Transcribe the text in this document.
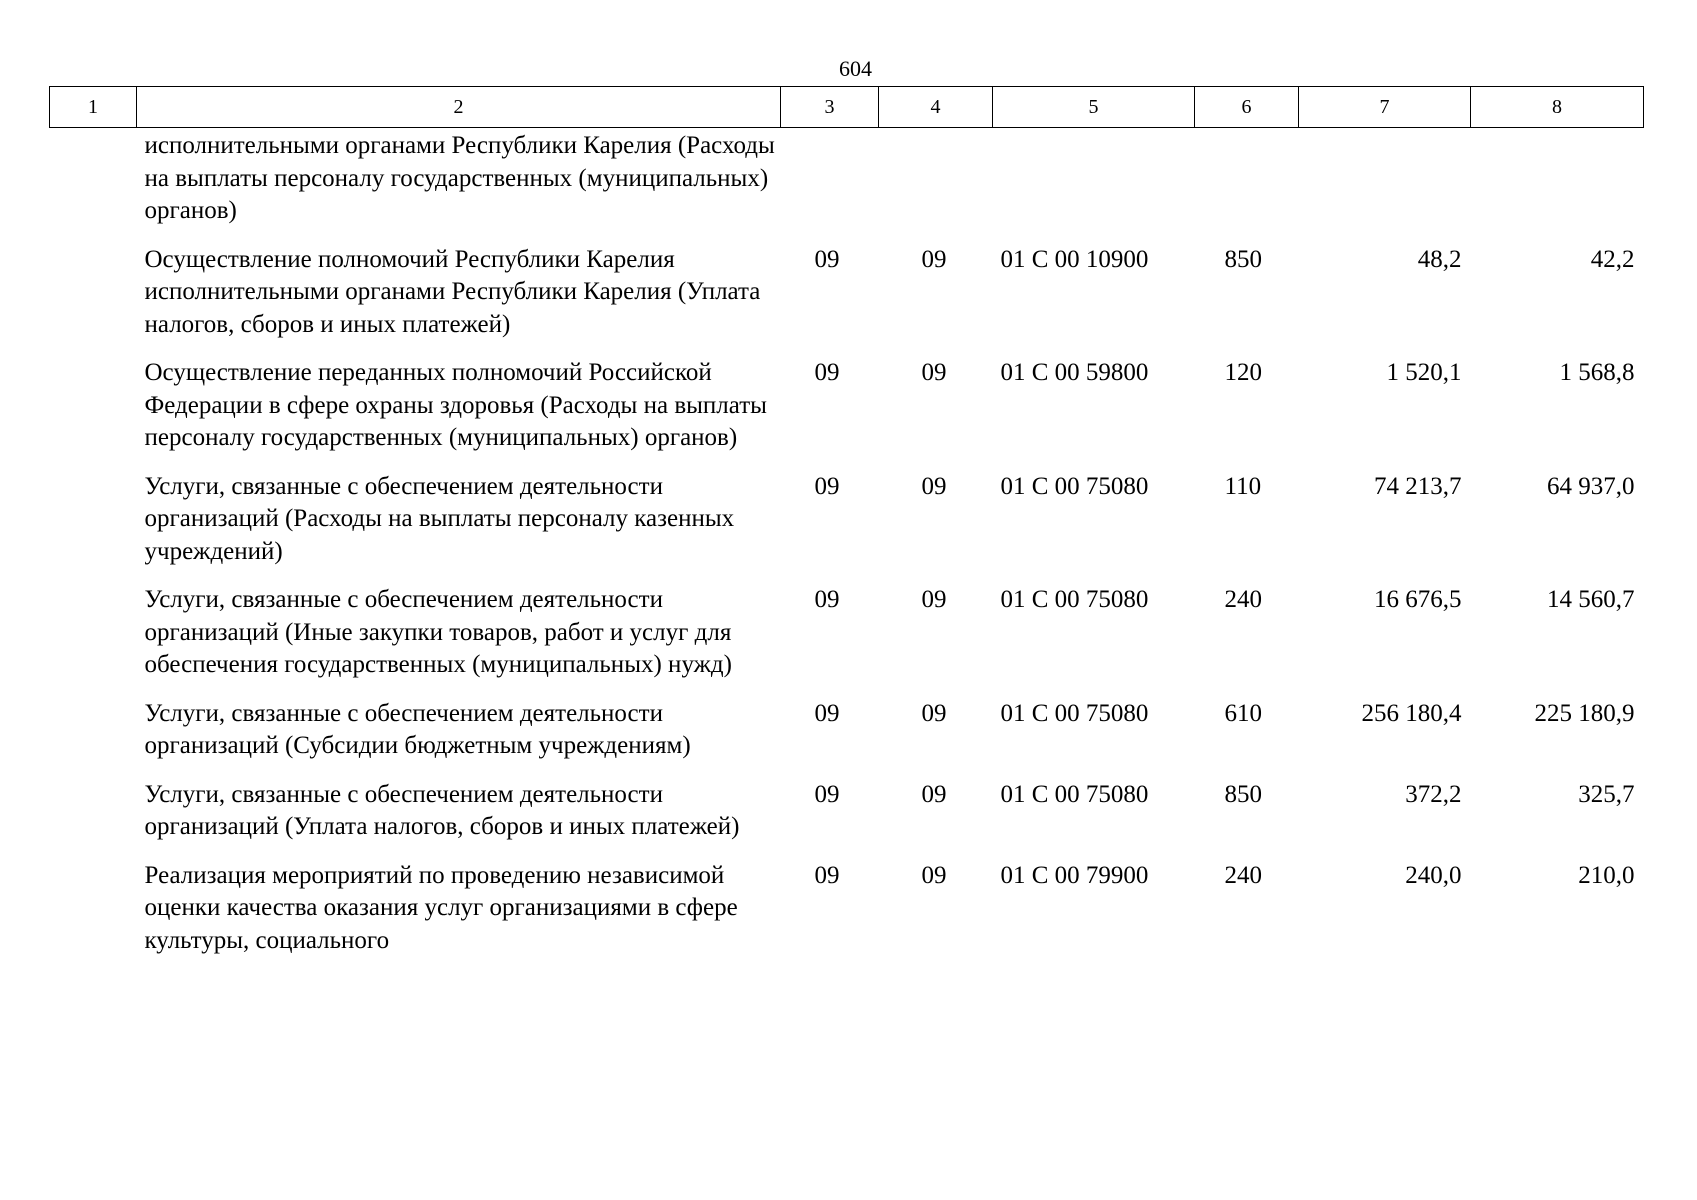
604
1	2	3	4	5	6	7	8
исполнительными органами Республики Карелия (Расходы на выплаты персоналу государственных (муниципальных) органов)							
Осуществление полномочий Республики Карелия исполнительными органами Республики Карелия (Уплата налогов, сборов и иных платежей)		09	09	01 С 00 10900	850	48,2	42,2
Осуществление переданных полномочий Российской Федерации в сфере охраны здоровья (Расходы на выплаты персоналу государственных (муниципальных) органов)		09	09	01 С 00 59800	120	1 520,1	1 568,8
Услуги, связанные с обеспечением деятельности организаций (Расходы на выплаты персоналу казенных учреждений)		09	09	01 С 00 75080	110	74 213,7	64 937,0
Услуги, связанные с обеспечением деятельности организаций (Иные закупки товаров, работ и услуг для обеспечения государственных (муниципальных) нужд)		09	09	01 С 00 75080	240	16 676,5	14 560,7
Услуги, связанные с обеспечением деятельности организаций (Субсидии бюджетным учреждениям)		09	09	01 С 00 75080	610	256 180,4	225 180,9
Услуги, связанные с обеспечением деятельности организаций (Уплата налогов, сборов и иных платежей)		09	09	01 С 00 75080	850	372,2	325,7
Реализация мероприятий по проведению независимой оценки качества оказания услуг организациями в сфере культуры, социального		09	09	01 С 00 79900	240	240,0	210,0
